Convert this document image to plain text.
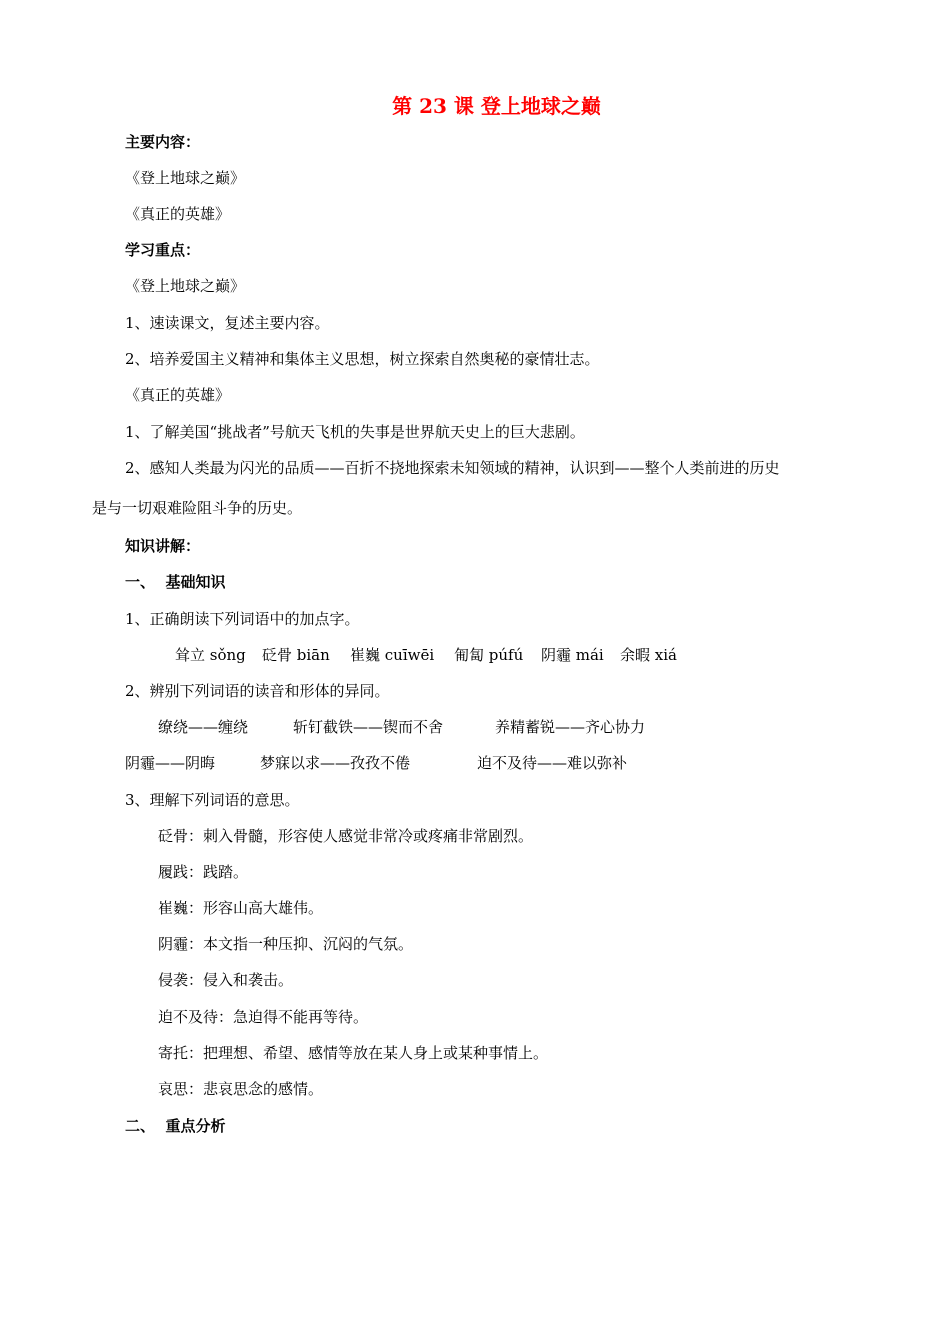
第 23 课 登上地球之巅
主要内容：
《登上地球之巅》
《真正的英雄》
学习重点：
《登上地球之巅》
1、速读课文，复述主要内容。
2、培养爱国主义精神和集体主义思想，树立探索自然奥秘的豪情壮志。
《真正的英雄》
1、了解美国“挑战者”号航天飞机的失事是世界航天史上的巨大悲剧。
2、感知人类最为闪光的品质——百折不挠地探索未知领域的精神，认识到——整个人类前进的历史
是与一切艰难险阻斗争的历史。
知识讲解：
一、  基础知识
1、正确朗读下列词语中的加点字。
耸立 sǒng 砭骨 biān 崔巍 cuīwēi 匍匐 púfú 阴霾 mái 余暇 xiá
2、辨别下列词语的读音和形体的异同。
缭绕——缠绕	斩钉截铁——锲而不舍	养精蓄锐——齐心协力
阴霾——阴晦	梦寐以求——孜孜不倦	迫不及待——难以弥补
3、理解下列词语的意思。
砭骨：刺入骨髓，形容使人感觉非常冷或疼痛非常剧烈。
履践：践踏。
崔巍：形容山高大雄伟。
阴霾：本文指一种压抑、沉闷的气氛。
侵袭：侵入和袭击。
迫不及待：急迫得不能再等待。
寄托：把理想、希望、感情等放在某人身上或某种事情上。
哀思：悲哀思念的感情。
二、  重点分析
